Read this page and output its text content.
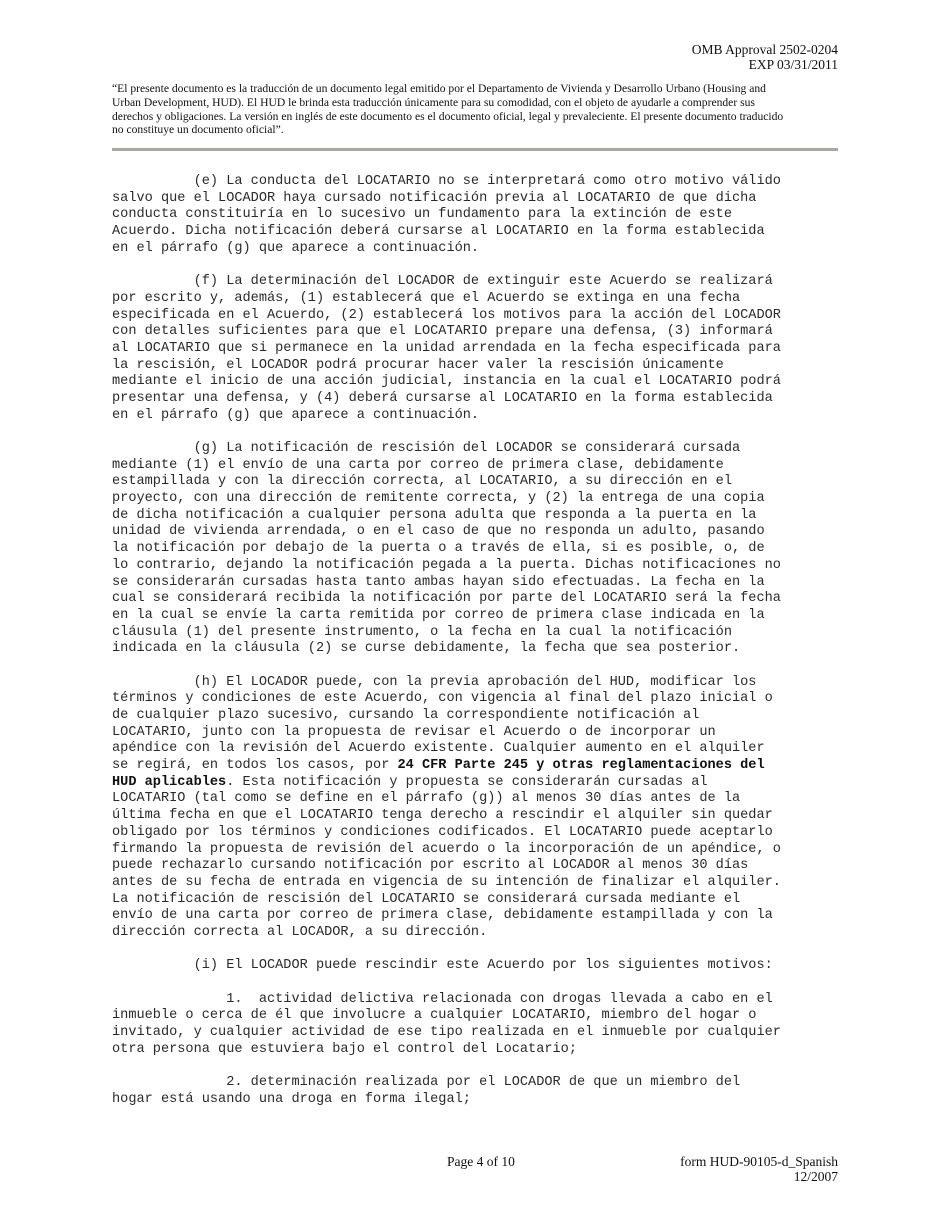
OMB Approval 2502-0204
EXP 03/31/2011
“El presente documento es la traducción de un documento legal emitido por el Departamento de Vivienda y Desarrollo Urbano (Housing and
Urban Development, HUD). El HUD le brinda esta traducción únicamente para su comodidad, con el objeto de ayudarle a comprender sus
derechos y obligaciones. La versión en inglés de este documento es el documento oficial, legal y prevaleciente. El presente documento traducido
no constituye un documento oficial”.
(e) La conducta del LOCATARIO no se interpretará como otro motivo válido
salvo que el LOCADOR haya cursado notificación previa al LOCATARIO de que dicha
conducta constituiría en lo sucesivo un fundamento para la extinción de este
Acuerdo. Dicha notificación deberá cursarse al LOCATARIO en la forma establecida
en el párrafo (g) que aparece a continuación.
(f) La determinación del LOCADOR de extinguir este Acuerdo se realizará
por escrito y, además, (1) establecerá que el Acuerdo se extinga en una fecha
especificada en el Acuerdo, (2) establecerá los motivos para la acción del LOCADOR
con detalles suficientes para que el LOCATARIO prepare una defensa, (3) informará
al LOCATARIO que si permanece en la unidad arrendada en la fecha especificada para
la rescisión, el LOCADOR podrá procurar hacer valer la rescisión únicamente
mediante el inicio de una acción judicial, instancia en la cual el LOCATARIO podrá
presentar una defensa, y (4) deberá cursarse al LOCATARIO en la forma establecida
en el párrafo (g) que aparece a continuación.
(g) La notificación de rescisión del LOCADOR se considerará cursada
mediante (1) el envío de una carta por correo de primera clase, debidamente
estampillada y con la dirección correcta, al LOCATARIO, a su dirección en el
proyecto, con una dirección de remitente correcta, y (2) la entrega de una copia
de dicha notificación a cualquier persona adulta que responda a la puerta en la
unidad de vivienda arrendada, o en el caso de que no responda un adulto, pasando
la notificación por debajo de la puerta o a través de ella, si es posible, o, de
lo contrario, dejando la notificación pegada a la puerta. Dichas notificaciones no
se considerarán cursadas hasta tanto ambas hayan sido efectuadas. La fecha en la
cual se considerará recibida la notificación por parte del LOCATARIO será la fecha
en la cual se envíe la carta remitida por correo de primera clase indicada en la
cláusula (1) del presente instrumento, o la fecha en la cual la notificación
indicada en la cláusula (2) se curse debidamente, la fecha que sea posterior.
(h) El LOCADOR puede, con la previa aprobación del HUD, modificar los
términos y condiciones de este Acuerdo, con vigencia al final del plazo inicial o
de cualquier plazo sucesivo, cursando la correspondiente notificación al
LOCATARIO, junto con la propuesta de revisar el Acuerdo o de incorporar un
apéndice con la revisión del Acuerdo existente. Cualquier aumento en el alquiler
se regirá, en todos los casos, por 24 CFR Parte 245 y otras reglamentaciones del
HUD aplicables. Esta notificación y propuesta se considerarán cursadas al
LOCATARIO (tal como se define en el párrafo (g)) al menos 30 días antes de la
última fecha en que el LOCATARIO tenga derecho a rescindir el alquiler sin quedar
obligado por los términos y condiciones codificados. El LOCATARIO puede aceptarlo
firmando la propuesta de revisión del acuerdo o la incorporación de un apéndice, o
puede rechazarlo cursando notificación por escrito al LOCADOR al menos 30 días
antes de su fecha de entrada en vigencia de su intención de finalizar el alquiler.
La notificación de rescisión del LOCATARIO se considerará cursada mediante el
envío de una carta por correo de primera clase, debidamente estampillada y con la
dirección correcta al LOCADOR, a su dirección.
(i) El LOCADOR puede rescindir este Acuerdo por los siguientes motivos:
1.  actividad delictiva relacionada con drogas llevada a cabo en el
inmueble o cerca de él que involucre a cualquier LOCATARIO, miembro del hogar o
invitado, y cualquier actividad de ese tipo realizada en el inmueble por cualquier
otra persona que estuviera bajo el control del Locatario;
2. determinación realizada por el LOCADOR de que un miembro del
hogar está usando una droga en forma ilegal;
Page 4 of 10	form HUD-90105-d_Spanish
12/2007
